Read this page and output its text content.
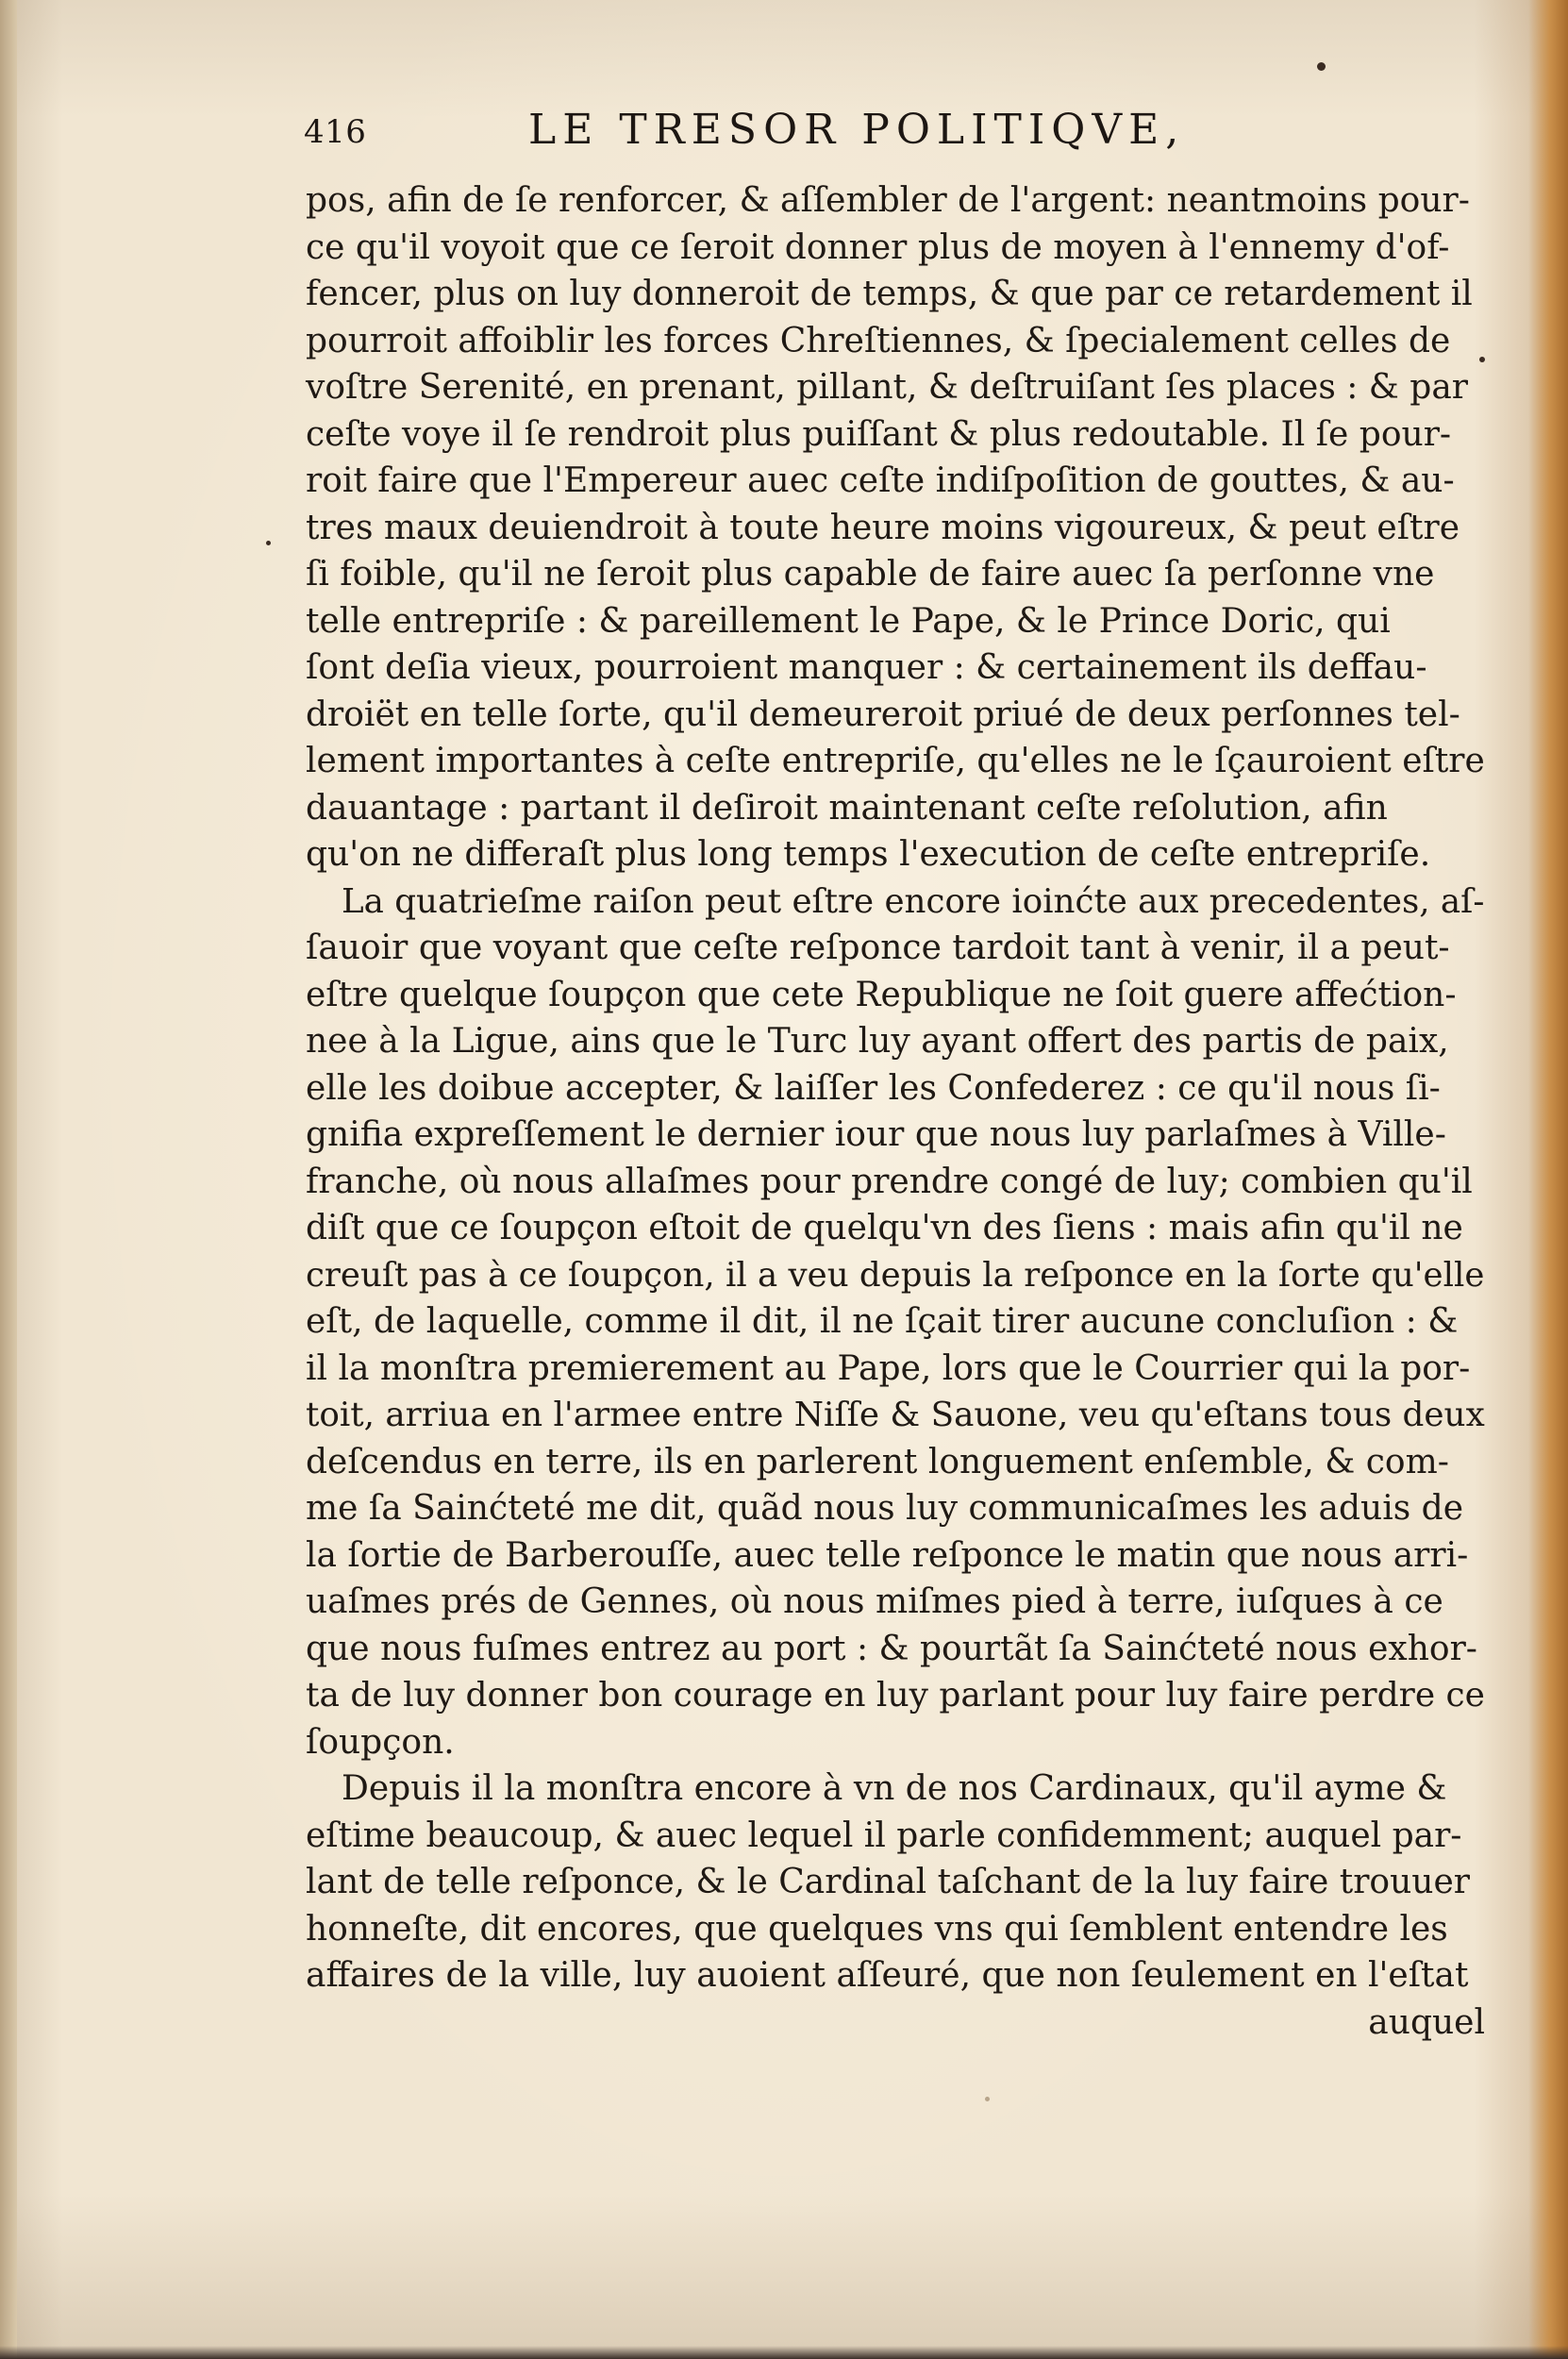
416	LE TRESOR POLITIQVE,
pos, afin de ſe renforcer, & aſſembler de l'argent: neantmoins pour-
ce qu'il voyoit que ce ſeroit donner plus de moyen à l'ennemy d'of-
fencer, plus on luy donneroit de temps, & que par ce retardement il
pourroit affoiblir les forces Chreſtiennes, & ſpecialement celles de
voſtre Serenité, en prenant, pillant, & deſtruiſant ſes places : & par
ceſte voye il ſe rendroit plus puiſſant & plus redoutable. Il ſe pour-
roit faire que l'Empereur auec ceſte indiſpoſition de gouttes, & au-
tres maux deuiendroit à toute heure moins vigoureux, & peut eſtre
ſi foible, qu'il ne ſeroit plus capable de faire auec ſa perſonne vne
telle entrepriſe : & pareillement le Pape, & le Prince Doric, qui
ſont deſia vieux, pourroient manquer : & certainement ils deffau-
droiët en telle ſorte, qu'il demeureroit priué de deux perſonnes tel-
lement importantes à ceſte entrepriſe, qu'elles ne le ſçauroient eſtre
dauantage : partant il deſiroit maintenant ceſte reſolution, afin
qu'on ne differaſt plus long temps l'execution de ceſte entrepriſe.
La quatrieſme raiſon peut eſtre encore ioinćte aux precedentes, aſ-
ſauoir que voyant que ceſte reſponce tardoit tant à venir, il a peut-
eſtre quelque ſoupçon que cete Republique ne ſoit guere affećtion-
nee à la Ligue, ains que le Turc luy ayant offert des partis de paix,
elle les doibue accepter, & laiſſer les Confederez : ce qu'il nous ſi-
gnifia expreſſement le dernier iour que nous luy parlaſmes à Ville-
franche, où nous allaſmes pour prendre congé de luy; combien qu'il
diſt que ce ſoupçon eſtoit de quelqu'vn des ſiens : mais afin qu'il ne
creuſt pas à ce ſoupçon, il a veu depuis la reſponce en la ſorte qu'elle
eſt, de laquelle, comme il dit, il ne ſçait tirer aucune concluſion : &
il la monſtra premierement au Pape, lors que le Courrier qui la por-
toit, arriua en l'armee entre Niſſe & Sauone, veu qu'eſtans tous deux
deſcendus en terre, ils en parlerent longuement enſemble, & com-
me ſa Sainćteté me dit, quãd nous luy communicaſmes les aduis de
la ſortie de Barberouſſe, auec telle reſponce le matin que nous arri-
uaſmes prés de Gennes, où nous miſmes pied à terre, iuſques à ce
que nous fuſmes entrez au port : & pourtãt ſa Sainćteté nous exhor-
ta de luy donner bon courage en luy parlant pour luy faire perdre ce
ſoupçon.
Depuis il la monſtra encore à vn de nos Cardinaux, qu'il ayme &
eſtime beaucoup, & auec lequel il parle confidemment; auquel par-
lant de telle reſponce, & le Cardinal taſchant de la luy faire trouuer
honneſte, dit encores, que quelques vns qui ſemblent entendre les
affaires de la ville, luy auoient aſſeuré, que non ſeulement en l'eſtat
auquel
